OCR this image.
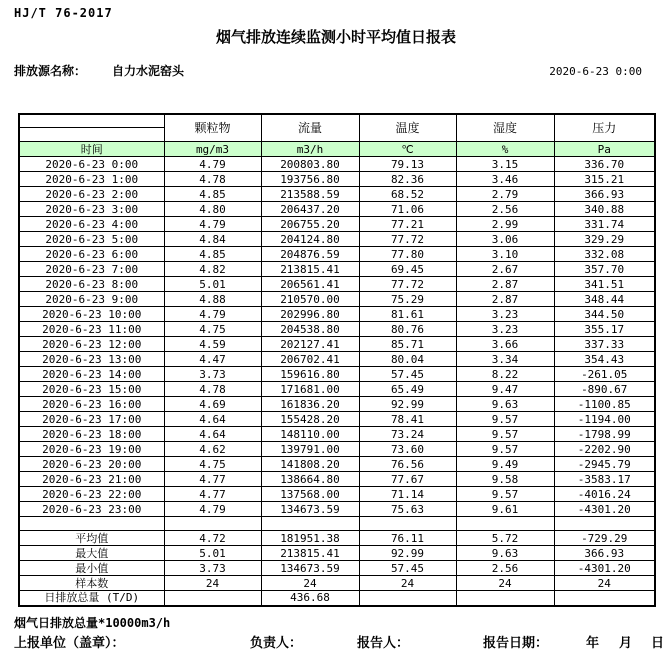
HJ/T 76-2017
烟气排放连续监测小时平均值日报表
排放源名称： 自力水泥窑头	2020-6-23 0:00
	颗粒物	流量	温度	湿度	压力
时间	mg/m3	m3/h	℃	%	Pa
2020-6-23 0:00	4.79	200803.80	79.13	3.15	336.70
2020-6-23 1:00	4.78	193756.80	82.36	3.46	315.21
2020-6-23 2:00	4.85	213588.59	68.52	2.79	366.93
2020-6-23 3:00	4.80	206437.20	71.06	2.56	340.88
2020-6-23 4:00	4.79	206755.20	77.21	2.99	331.74
2020-6-23 5:00	4.84	204124.80	77.72	3.06	329.29
2020-6-23 6:00	4.85	204876.59	77.80	3.10	332.08
2020-6-23 7:00	4.82	213815.41	69.45	2.67	357.70
2020-6-23 8:00	5.01	206561.41	77.72	2.87	341.51
2020-6-23 9:00	4.88	210570.00	75.29	2.87	348.44
2020-6-23 10:00	4.79	202996.80	81.61	3.23	344.50
2020-6-23 11:00	4.75	204538.80	80.76	3.23	355.17
2020-6-23 12:00	4.59	202127.41	85.71	3.66	337.33
2020-6-23 13:00	4.47	206702.41	80.04	3.34	354.43
2020-6-23 14:00	3.73	159616.80	57.45	8.22	-261.05
2020-6-23 15:00	4.78	171681.00	65.49	9.47	-890.67
2020-6-23 16:00	4.69	161836.20	92.99	9.63	-1100.85
2020-6-23 17:00	4.64	155428.20	78.41	9.57	-1194.00
2020-6-23 18:00	4.64	148110.00	73.24	9.57	-1798.99
2020-6-23 19:00	4.62	139791.00	73.60	9.57	-2202.90
2020-6-23 20:00	4.75	141808.20	76.56	9.49	-2945.79
2020-6-23 21:00	4.77	138664.80	77.67	9.58	-3583.17
2020-6-23 22:00	4.77	137568.00	71.14	9.57	-4016.24
2020-6-23 23:00	4.79	134673.59	75.63	9.61	-4301.20

平均值	4.72	181951.38	76.11	5.72	-729.29
最大值	5.01	213815.41	92.99	9.63	366.93
最小值	3.73	134673.59	57.45	2.56	-4301.20
样本数	24	24	24	24	24
日排放总量 (T/D)		436.68			
烟气日排放总量*10000m3/h
上报单位（盖章）：	负责人：	报告人：	报告日期：	年 月 日
